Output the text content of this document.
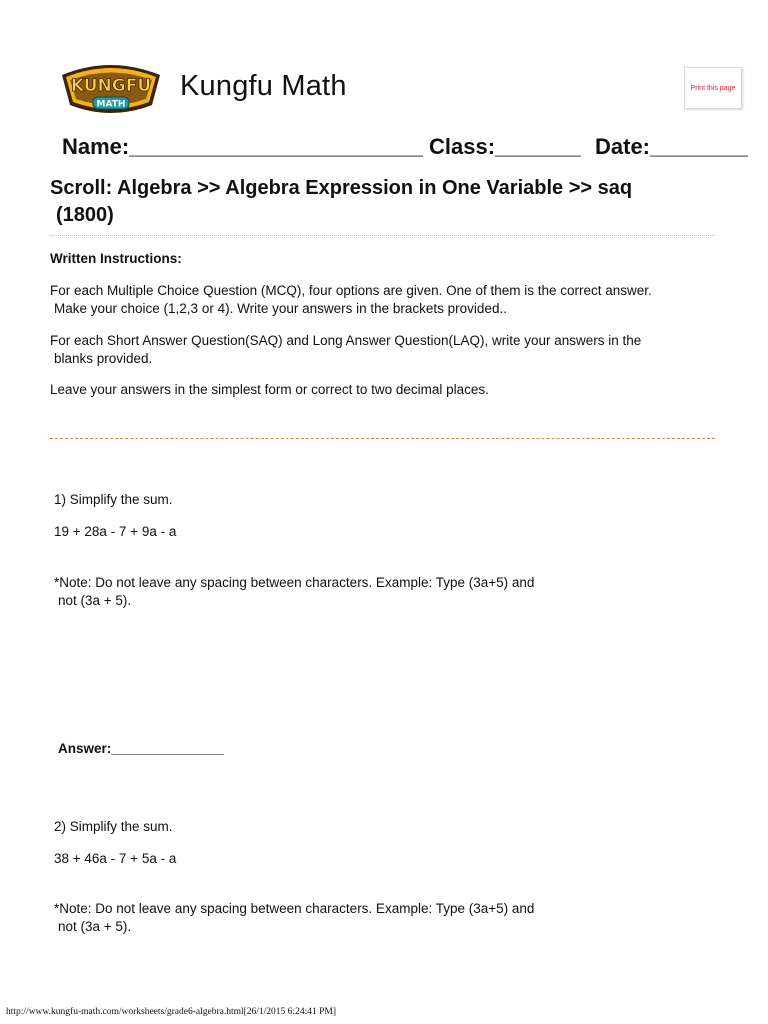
KUNGFU
MATH
Kungfu Math	Print this page
Name:________________________ Class:_______ Date:________
Scroll: Algebra >> Algebra Expression in One Variable >> saq
(1800)
Written Instructions:
For each Multiple Choice Question (MCQ), four options are given. One of them is the correct answer.
Make your choice (1,2,3 or 4). Write your answers in the brackets provided..
For each Short Answer Question(SAQ) and Long Answer Question(LAQ), write your answers in the
blanks provided.
Leave your answers in the simplest form or correct to two decimal places.
1) Simplify the sum.
19 + 28a - 7 + 9a - a
*Note: Do not leave any spacing between characters. Example: Type (3a+5) and
not (3a + 5).
Answer:_______________
2) Simplify the sum.
38 + 46a - 7 + 5a - a
*Note: Do not leave any spacing between characters. Example: Type (3a+5) and
not (3a + 5).
http://www.kungfu-math.com/worksheets/grade6-algebra.html[26/1/2015 6:24:41 PM]
